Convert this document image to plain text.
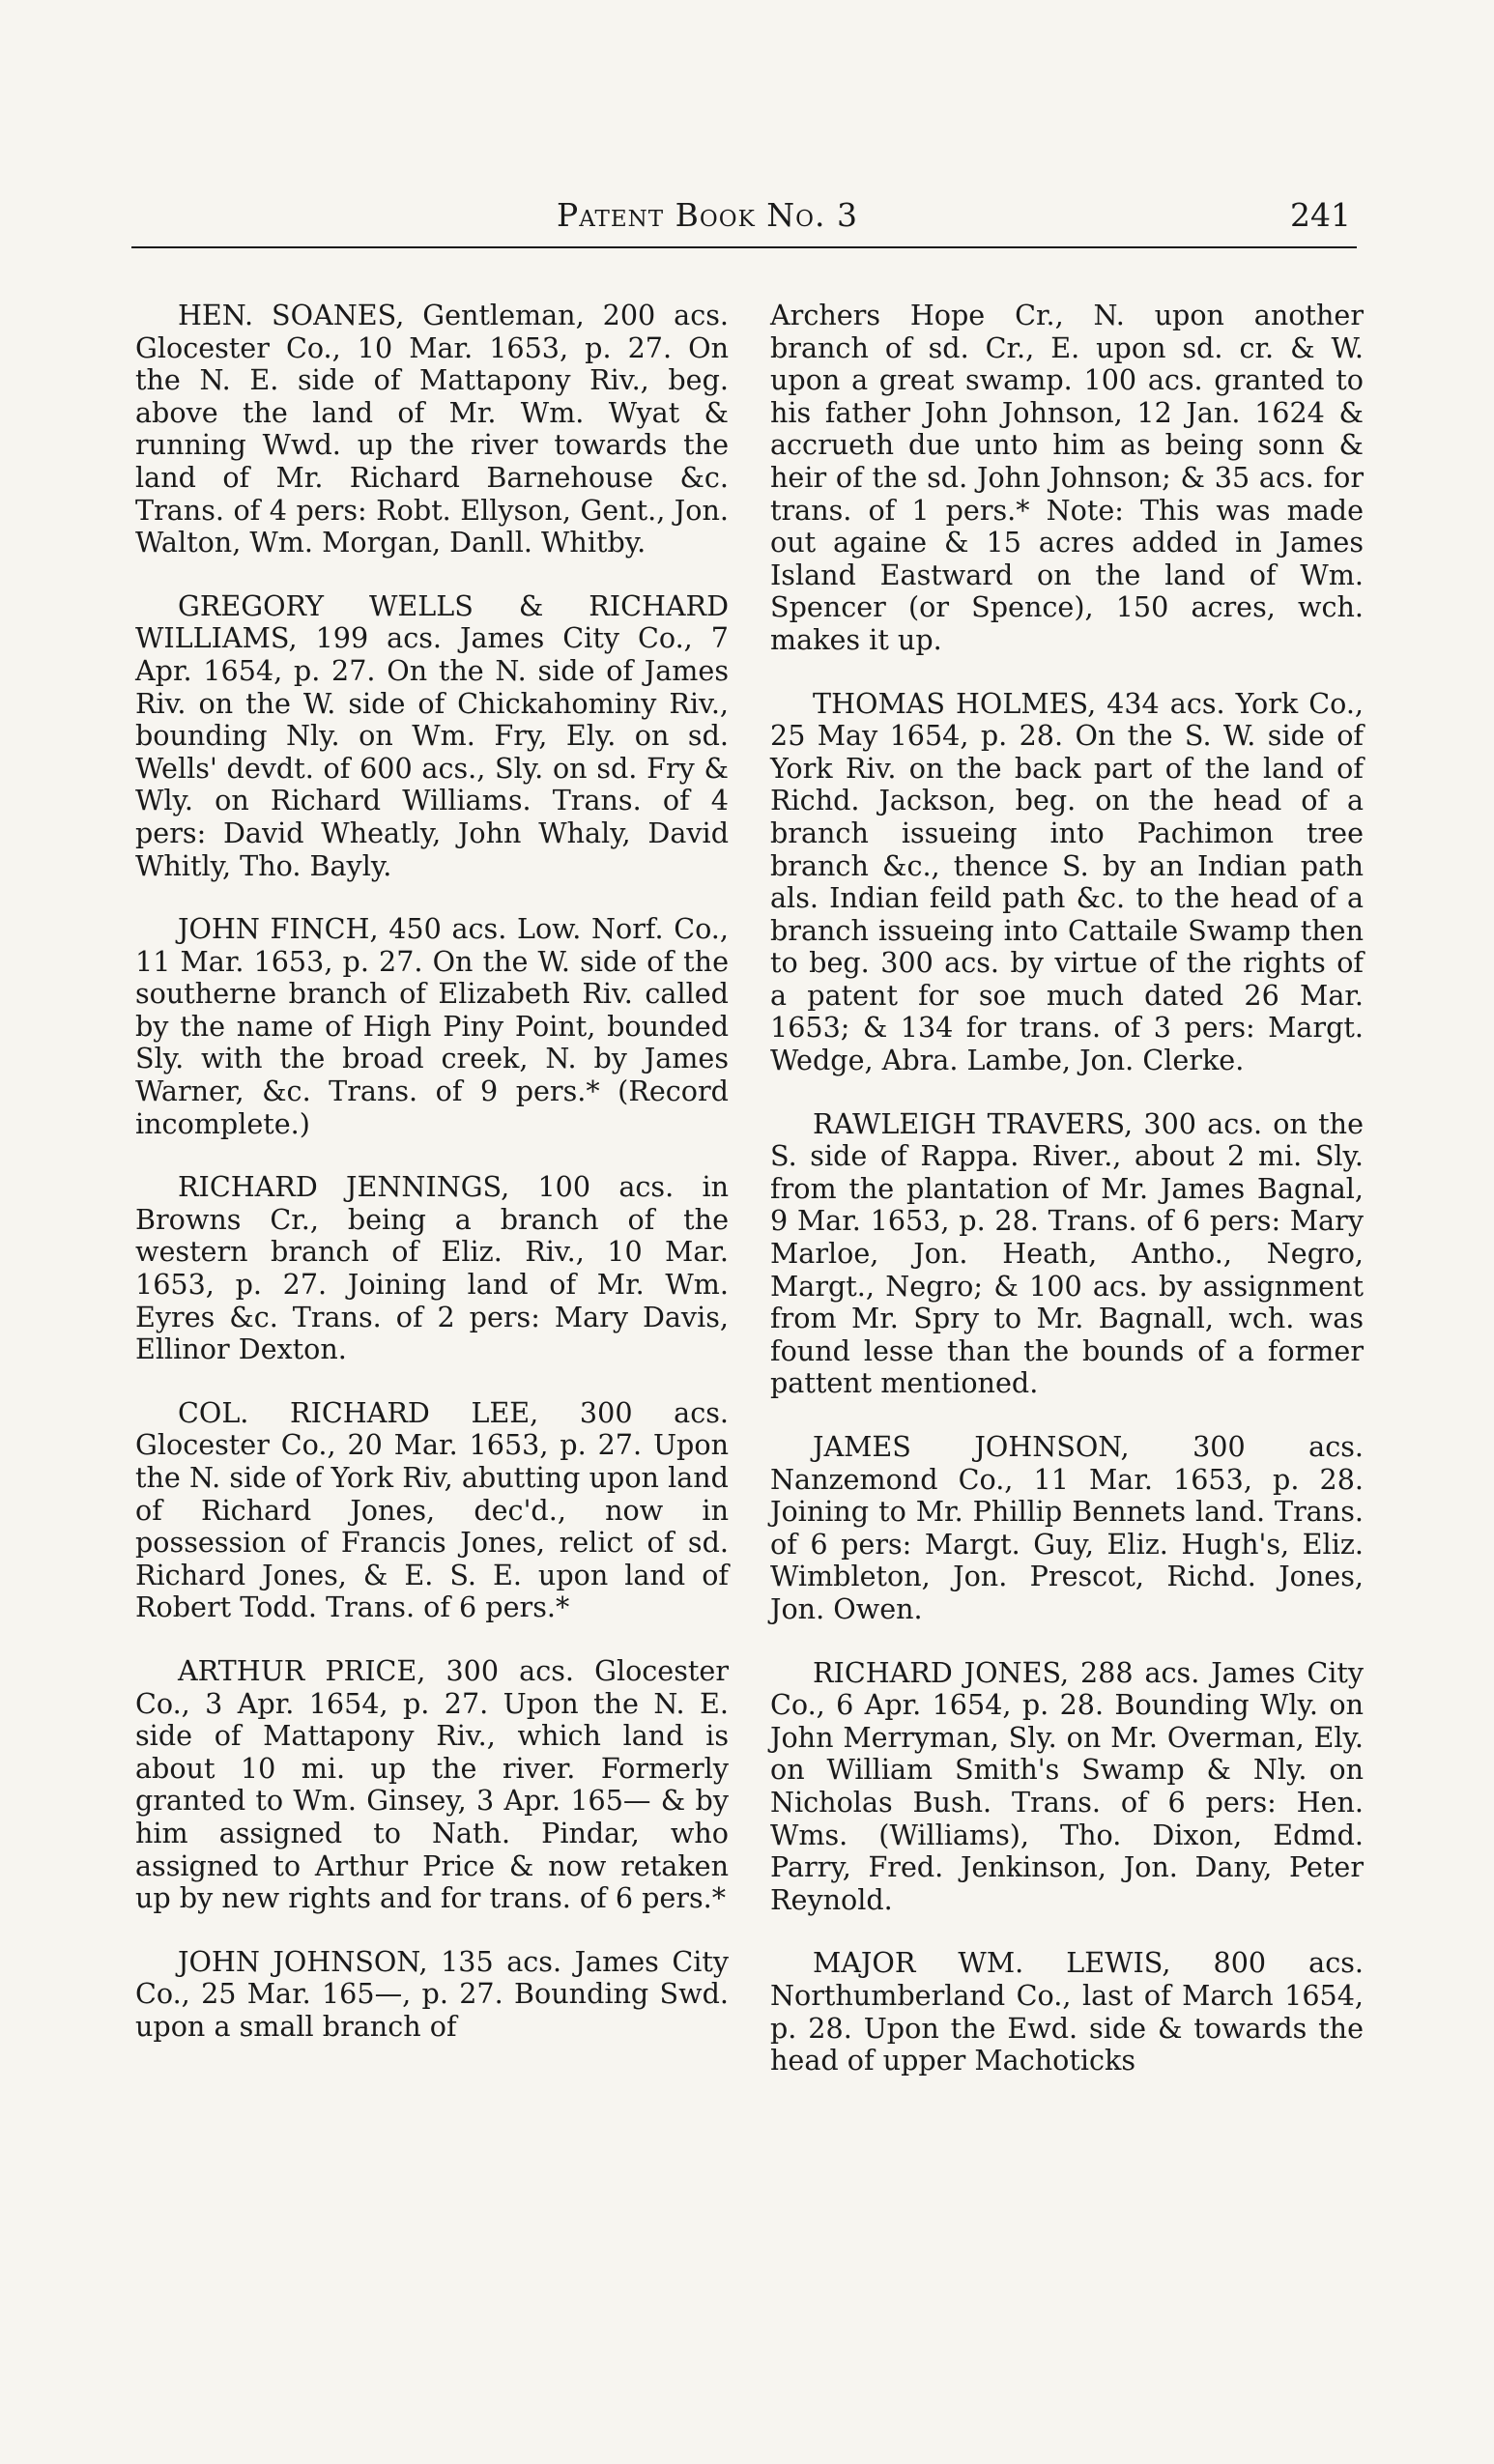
Patent Book No. 3	241

HEN. SOANES, Gentleman, 200 acs. Glocester Co., 10 Mar. 1653, p. 27. On the N. E. side of Mattapony Riv., beg. above the land of Mr. Wm. Wyat & running Wwd. up the river towards the land of Mr. Richard Barnehouse &c. Trans. of 4 pers: Robt. Ellyson, Gent., Jon. Walton, Wm. Morgan, Danll. Whitby.

GREGORY WELLS & RICHARD WILLIAMS, 199 acs. James City Co., 7 Apr. 1654, p. 27. On the N. side of James Riv. on the W. side of Chickahominy Riv., bounding Nly. on Wm. Fry, Ely. on sd. Wells' devdt. of 600 acs., Sly. on sd. Fry & Wly. on Richard Williams. Trans. of 4 pers: David Wheatly, John Whaly, David Whitly, Tho. Bayly.

JOHN FINCH, 450 acs. Low. Norf. Co., 11 Mar. 1653, p. 27. On the W. side of the southerne branch of Elizabeth Riv. called by the name of High Piny Point, bounded Sly. with the broad creek, N. by James Warner, &c. Trans. of 9 pers.* (Record incomplete.)

RICHARD JENNINGS, 100 acs. in Browns Cr., being a branch of the western branch of Eliz. Riv., 10 Mar. 1653, p. 27. Joining land of Mr. Wm. Eyres &c. Trans. of 2 pers: Mary Davis, Ellinor Dexton.

COL. RICHARD LEE, 300 acs. Glocester Co., 20 Mar. 1653, p. 27. Upon the N. side of York Riv, abutting upon land of Richard Jones, dec'd., now in possession of Francis Jones, relict of sd. Richard Jones, & E. S. E. upon land of Robert Todd. Trans. of 6 pers.*

ARTHUR PRICE, 300 acs. Glocester Co., 3 Apr. 1654, p. 27. Upon the N. E. side of Mattapony Riv., which land is about 10 mi. up the river. Formerly granted to Wm. Ginsey, 3 Apr. 165— & by him assigned to Nath. Pindar, who assigned to Arthur Price & now retaken up by new rights and for trans. of 6 pers.*

JOHN JOHNSON, 135 acs. James City Co., 25 Mar. 165—, p. 27. Bounding Swd. upon a small branch of

Archers Hope Cr., N. upon another branch of sd. Cr., E. upon sd. cr. & W. upon a great swamp. 100 acs. granted to his father John Johnson, 12 Jan. 1624 & accrueth due unto him as being sonn & heir of the sd. John Johnson; & 35 acs. for trans. of 1 pers.* Note: This was made out againe & 15 acres added in James Island Eastward on the land of Wm. Spencer (or Spence), 150 acres, wch. makes it up.

THOMAS HOLMES, 434 acs. York Co., 25 May 1654, p. 28. On the S. W. side of York Riv. on the back part of the land of Richd. Jackson, beg. on the head of a branch issueing into Pachimon tree branch &c., thence S. by an Indian path als. Indian feild path &c. to the head of a branch issueing into Cattaile Swamp then to beg. 300 acs. by virtue of the rights of a patent for soe much dated 26 Mar. 1653; & 134 for trans. of 3 pers: Margt. Wedge, Abra. Lambe, Jon. Clerke.

RAWLEIGH TRAVERS, 300 acs. on the S. side of Rappa. River., about 2 mi. Sly. from the plantation of Mr. James Bagnal, 9 Mar. 1653, p. 28. Trans. of 6 pers: Mary Marloe, Jon. Heath, Antho., Negro, Margt., Negro; & 100 acs. by assignment from Mr. Spry to Mr. Bagnall, wch. was found lesse than the bounds of a former pattent mentioned.

JAMES JOHNSON, 300 acs. Nanzemond Co., 11 Mar. 1653, p. 28. Joining to Mr. Phillip Bennets land. Trans. of 6 pers: Margt. Guy, Eliz. Hugh's, Eliz. Wimbleton, Jon. Prescot, Richd. Jones, Jon. Owen.

RICHARD JONES, 288 acs. James City Co., 6 Apr. 1654, p. 28. Bounding Wly. on John Merryman, Sly. on Mr. Overman, Ely. on William Smith's Swamp & Nly. on Nicholas Bush. Trans. of 6 pers: Hen. Wms. (Williams), Tho. Dixon, Edmd. Parry, Fred. Jenkinson, Jon. Dany, Peter Reynold.

MAJOR WM. LEWIS, 800 acs. Northumberland Co., last of March 1654, p. 28. Upon the Ewd. side & towards the head of upper Machoticks
